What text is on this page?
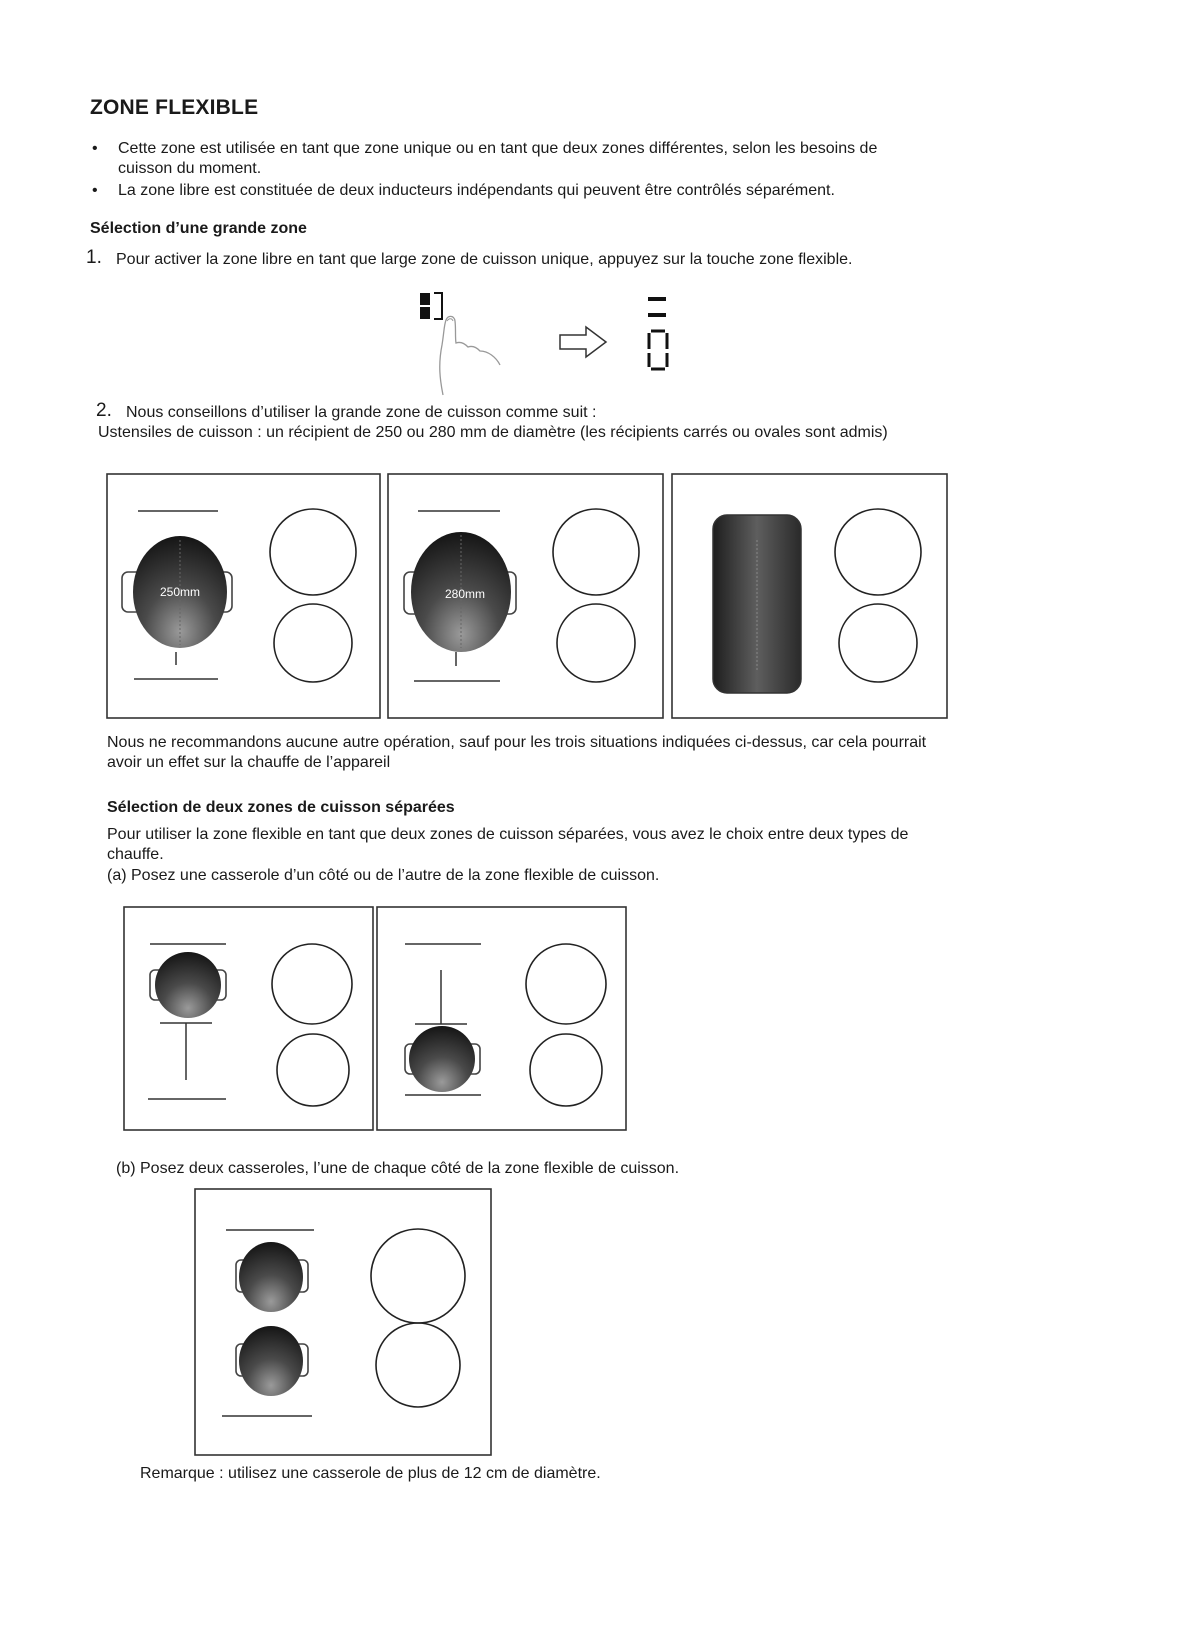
ZONE FLEXIBLE
• Cette zone est utilisée en tant que zone unique ou en tant que deux zones différentes, selon les besoins de
cuisson du moment.
• La zone libre est constituée de deux inducteurs indépendants qui peuvent être contrôlés séparément.
Sélection d’une grande zone
1. Pour activer la zone libre en tant que large zone de cuisson unique, appuyez sur la touche zone flexible.
2. Nous conseillons d’utiliser la grande zone de cuisson comme suit :
Ustensiles de cuisson : un récipient de 250 ou 280 mm de diamètre (les récipients carrés ou ovales sont admis)
250mm	280mm
Nous ne recommandons aucune autre opération, sauf pour les trois situations indiquées ci-dessus, car cela pourrait
avoir un effet sur la chauffe de l’appareil
Sélection de deux zones de cuisson séparées
Pour utiliser la zone flexible en tant que deux zones de cuisson séparées, vous avez le choix entre deux types de
chauffe.
(a) Posez une casserole d’un côté ou de l’autre de la zone flexible de cuisson.
(b) Posez deux casseroles, l’une de chaque côté de la zone flexible de cuisson.
Remarque : utilisez une casserole de plus de 12 cm de diamètre.
